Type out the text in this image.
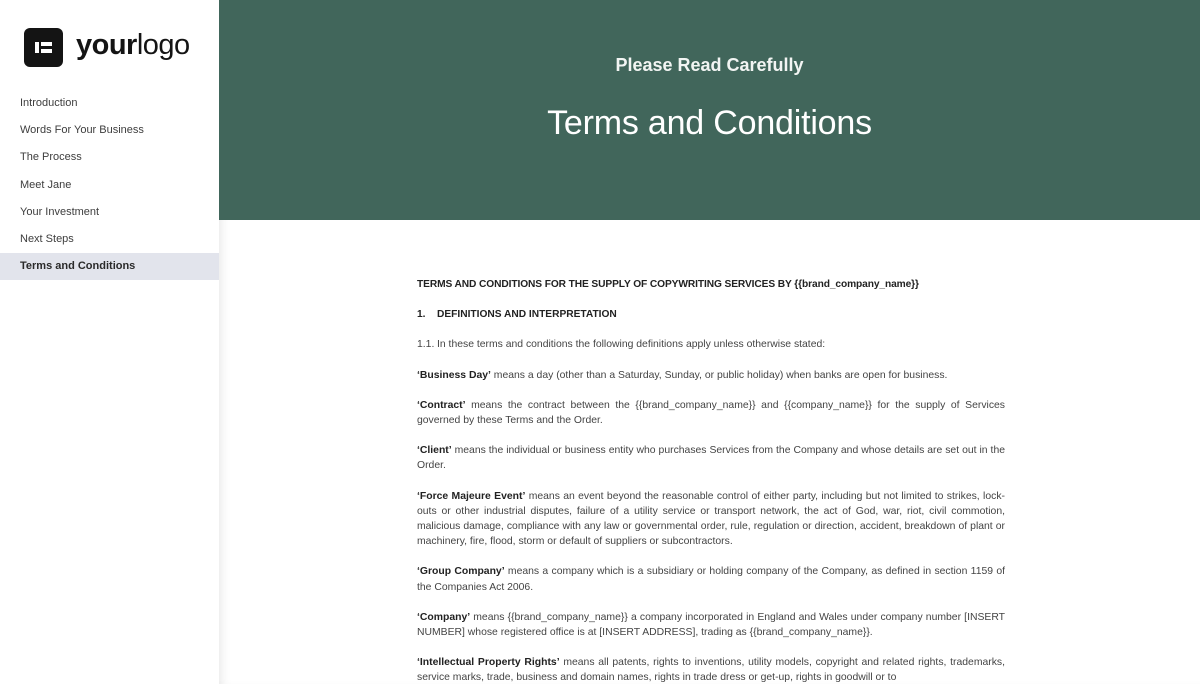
yourlogo
Introduction
Words For Your Business
The Process
Meet Jane
Your Investment
Next Steps
Terms and Conditions
Please Read Carefully
Terms and Conditions

TERMS AND CONDITIONS FOR THE SUPPLY OF COPYWRITING SERVICES BY {{brand_company_name}}

1. DEFINITIONS AND INTERPRETATION

1.1. In these terms and conditions the following definitions apply unless otherwise stated:

‘Business Day’ means a day (other than a Saturday, Sunday, or public holiday) when banks are open for business.

‘Contract’ means the contract between the {{brand_company_name}} and {{company_name}} for the supply of Services governed by these Terms and the Order.

‘Client’ means the individual or business entity who purchases Services from the Company and whose details are set out in the Order.

‘Force Majeure Event’ means an event beyond the reasonable control of either party, including but not limited to strikes, lock-outs or other industrial disputes, failure of a utility service or transport network, the act of God, war, riot, civil commotion, malicious damage, compliance with any law or governmental order, rule, regulation or direction, accident, breakdown of plant or machinery, fire, flood, storm or default of suppliers or subcontractors.

‘Group Company’ means a company which is a subsidiary or holding company of the Company, as defined in section 1159 of the Companies Act 2006.

‘Company’ means {{brand_company_name}} a company incorporated in England and Wales under company number [INSERT NUMBER] whose registered office is at [INSERT ADDRESS], trading as {{brand_company_name}}.

‘Intellectual Property Rights’ means all patents, rights to inventions, utility models, copyright and related rights, trademarks, service marks, trade, business and domain names, rights in trade dress or get-up, rights in goodwill or to
